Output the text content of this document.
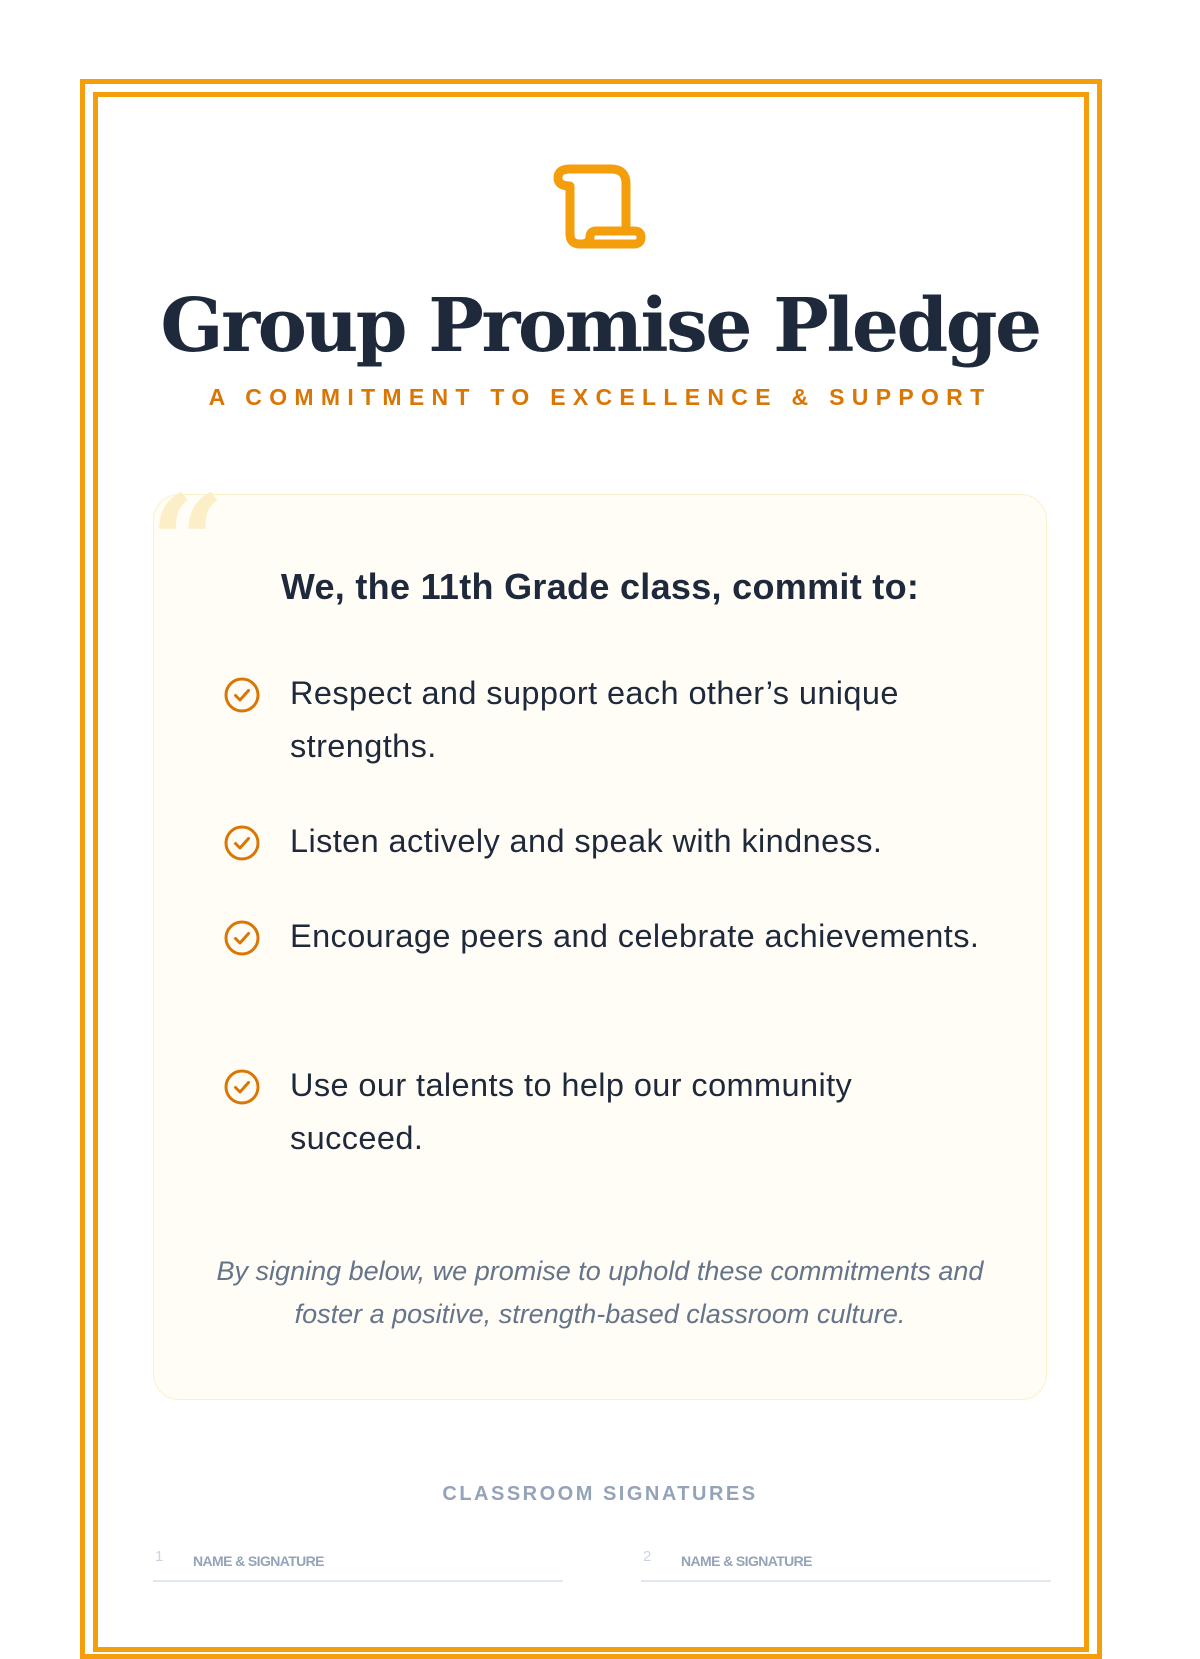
Group Promise Pledge
A COMMITMENT TO EXCELLENCE & SUPPORT
“	We, the 11th Grade class, commit to:
Respect and support each other’s unique strengths.
Listen actively and speak with kindness.
Encourage peers and celebrate achievements.
Use our talents to help our community succeed.
By signing below, we promise to uphold these commitments and foster a positive, strength-based classroom culture.
CLASSROOM SIGNATURES
1 NAME & SIGNATURE	2 NAME & SIGNATURE
